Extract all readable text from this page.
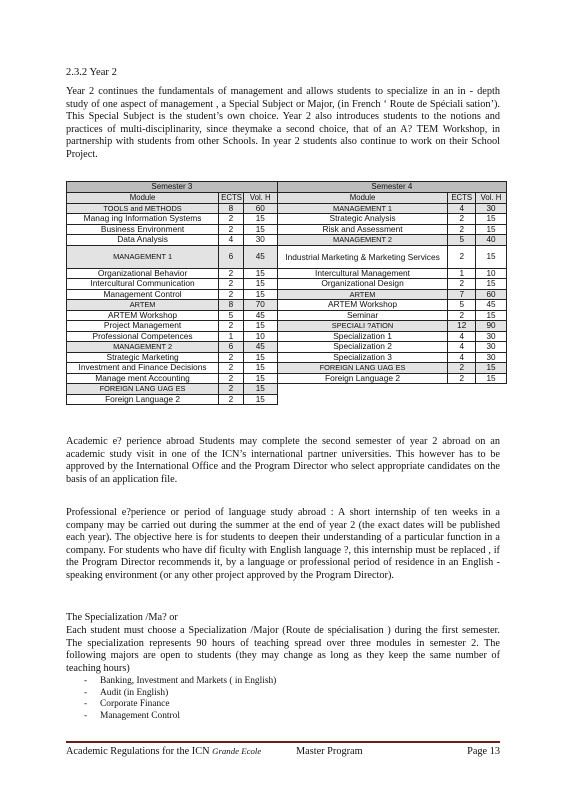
2.3.2 Year 2
Year 2 continues the fundamentals of management and allows students to specialize in an in - depth study of one aspect of management , a Special Subject or Major, (in French ‘ Route de Spéciali sation’). This Special Subject is the student’s own choice. Year 2 also introduces students to the notions and practices of multi-disciplinarity, since theymake a second choice, that of an A? TEM Workshop, in partnership with students from other Schools. In year 2 students also continue to work on their School Project.
Semester 3			Semester 4		
Module	ECTS	Vol. H	Module	ECTS	Vol. H
TOOLS and METHODS	8	60	MANAGEMENT 1	4	30
Manag ing Information Systems	2	15	Strategic Analysis	2	15
Business Environment	2	15	Risk and Assessment	2	15
Data Analysis	4	30	MANAGEMENT 2	5	40
MANAGEMENT 1	6	45	Industrial Marketing & Marketing Services	2	15
Organizational Behavior	2	15	Intercultural Management	1	10
Intercultural Communication	2	15	Organizational Design	2	15
Management Control	2	15	ARTEM	7	60
ARTEM	8	70	ARTEM Workshop	5	45
ARTEM Workshop	5	45	Seminar	2	15
Project Management	2	15	SPECIALI ?ATION	12	90
Professional Competences	1	10	Specialization 1	4	30
MANAGEMENT 2	6	45	Specialization 2	4	30
Strategic Marketing	2	15	Specialization 3	4	30
Investment and Finance Decisions	2	15	FOREIGN LANG UAG ES	2	15
Manage ment Accounting	2	15	Foreign Language 2	2	15
FOREIGN LANG UAG ES	2	15			
Foreign Language 2	2	15			
Academic e? perience abroad Students may complete the second semester of year 2 abroad on an academic study visit in one of the ICN’s international partner universities. This however has to be approved by the International Office and the Program Director who select appropriate candidates on the basis of an application file.
Professional e?perience or period of language study abroad : A short internship of ten weeks in a company may be carried out during the summer at the end of year 2 (the exact dates will be published each year). The objective here is for students to deepen their understanding of a particular function in a company. For students who have dif ficulty with English language ?, this internship must be replaced , if the Program Director recommends it, by a language or professional period of residence in an English -speaking environment (or any other project approved by the Program Director).
The Specialization /Ma? or
Each student must choose a Specialization /Major (Route de spécialisation ) during the first semester. The specialization represents 90 hours of teaching spread over three modules in semester 2. The following majors are open to students (they may change as long as they keep the same number of teaching hours)
- Banking, Investment and Markets ( in English)
- Audit (in English)
- Corporate Finance
- Management Control
Academic Regulations for the ICN Grande Ecole	Master Program	Page 13
